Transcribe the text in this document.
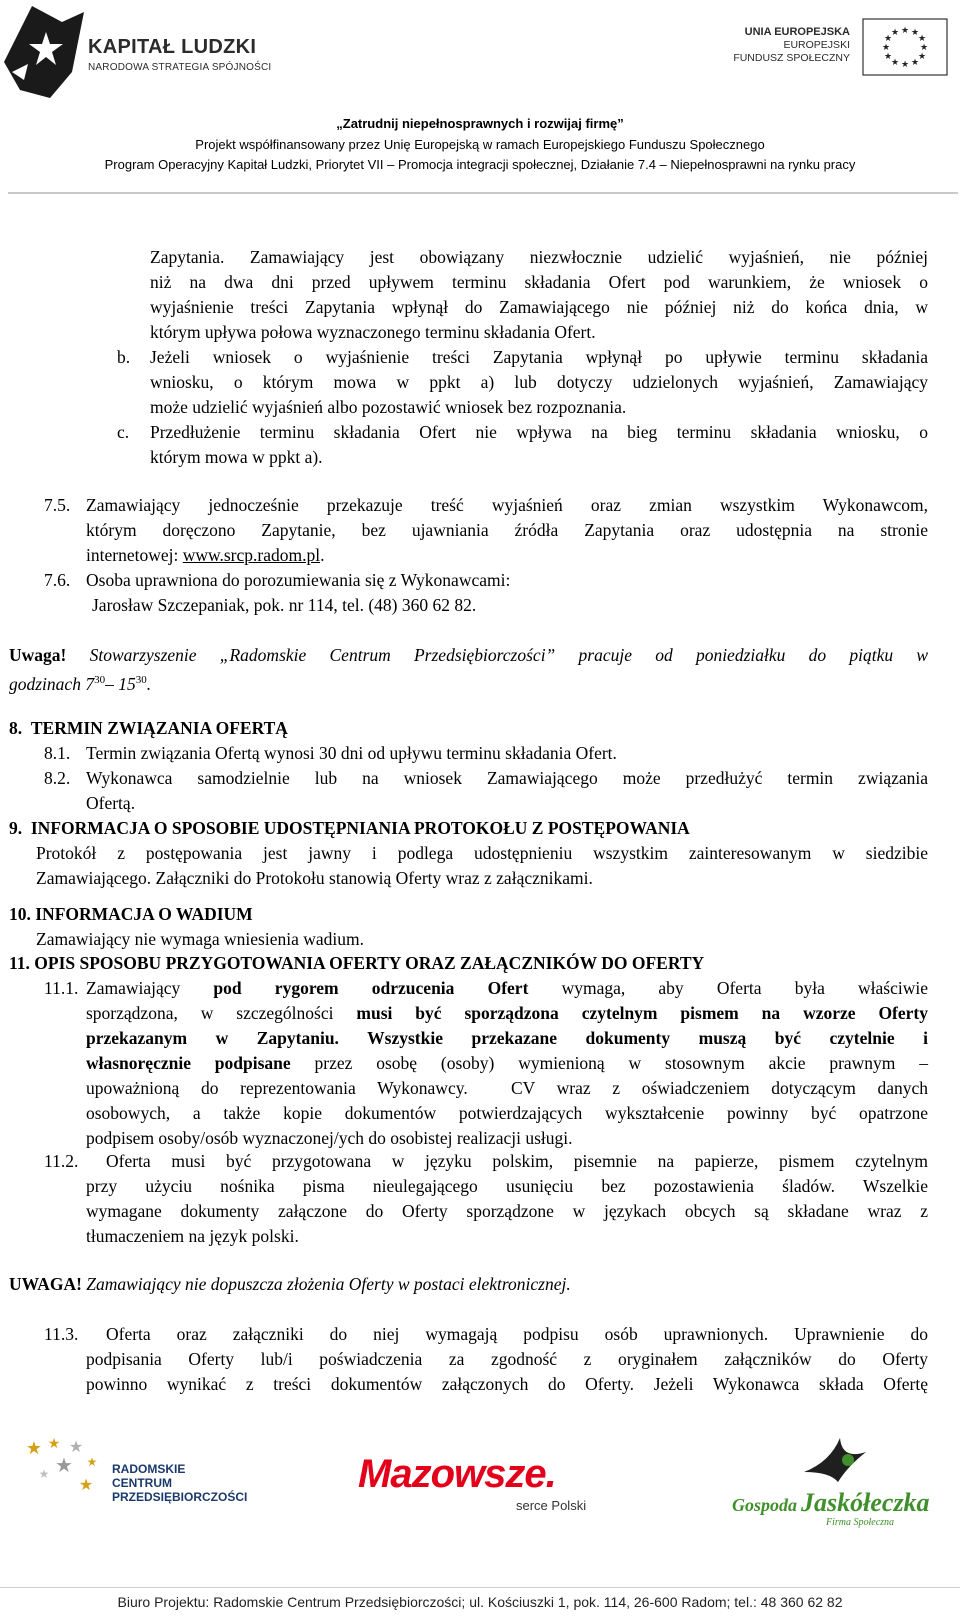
KAPITAŁ LUDZKI
NARODOWA STRATEGIA SPÓJNOŚCI
UNIA EUROPEJSKA
EUROPEJSKI
FUNDUSZ SPOŁECZNY
★ ★
★
★
★
★
★
★
★
★
★
★
„Zatrudnij niepełnosprawnych i rozwijaj firmę”
Projekt współfinansowany przez Unię Europejską w ramach Europejskiego Funduszu Społecznego
Program Operacyjny Kapitał Ludzki, Priorytet VII – Promocja integracji społecznej, Działanie 7.4 – Niepełnosprawni na rynku pracy
Zapytania. Zamawiający jest obowiązany niezwłocznie udzielić wyjaśnień, nie później
niż na dwa dni przed upływem terminu składania Ofert pod warunkiem, że wniosek o
wyjaśnienie treści Zapytania wpłynął do Zamawiającego nie później niż do końca dnia, w
którym upływa połowa wyznaczonego terminu składania Ofert.
b. Jeżeli wniosek o wyjaśnienie treści Zapytania wpłynął po upływie terminu składania
wniosku, o którym mowa w ppkt a) lub dotyczy udzielonych wyjaśnień, Zamawiający
może udzielić wyjaśnień albo pozostawić wniosek bez rozpoznania.
c. Przedłużenie terminu składania Ofert nie wpływa na bieg terminu składania wniosku, o
którym mowa w ppkt a).
7.5. Zamawiający jednocześnie przekazuje treść wyjaśnień oraz zmian wszystkim Wykonawcom,
którym doręczono Zapytanie, bez ujawniania źródła Zapytania oraz udostępnia na stronie
internetowej: www.srcp.radom.pl.
7.6. Osoba uprawniona do porozumiewania się z Wykonawcami:
Jarosław Szczepaniak, pok. nr 114, tel. (48) 360 62 82.
Uwaga! Stowarzyszenie „Radomskie Centrum Przedsiębiorczości” pracuje od poniedziałku do piątku w
godzinach $7^{30}-$ $15^{30}$.
8.  TERMIN ZWIĄZANIA OFERTĄ
8.1. Termin związania Ofertą wynosi 30 dni od upływu terminu składania Ofert.
8.2. Wykonawca samodzielnie lub na wniosek Zamawiającego może przedłużyć termin związania
Ofertą.
9.  INFORMACJA O SPOSOBIE UDOSTĘPNIANIA PROTOKOŁU Z POSTĘPOWANIA
Protokół z postępowania jest jawny i podlega udostępnieniu wszystkim zainteresowanym w siedzibie
Zamawiającego. Załączniki do Protokołu stanowią Oferty wraz z załącznikami.
10. INFORMACJA O WADIUM
Zamawiający nie wymaga wniesienia wadium.
11. OPIS SPOSOBU PRZYGOTOWANIA OFERTY ORAZ ZAŁĄCZNIKÓW DO OFERTY
11.1. Zamawiający pod rygorem odrzucenia Ofert wymaga, aby Oferta była właściwie
sporządzona, w szczególności musi być sporządzona czytelnym pismem na wzorze Oferty
przekazanym w Zapytaniu. Wszystkie przekazane dokumenty muszą być czytelnie i
własnoręcznie podpisane przez osobę (osoby) wymienioną w stosownym akcie prawnym –
upoważnioną do reprezentowania Wykonawcy.  CV wraz z oświadczeniem dotyczącym danych
osobowych, a także kopie dokumentów potwierdzających wykształcenie powinny być opatrzone
podpisem osoby/osób wyznaczonej/ych do osobistej realizacji usługi.
11.2.	Oferta musi być przygotowana w języku polskim, pisemnie na papierze, pismem czytelnym
przy użyciu nośnika pisma nieulegającego usunięciu bez pozostawienia śladów. Wszelkie
wymagane dokumenty załączone do Oferty sporządzone w językach obcych są składane wraz z
tłumaczeniem na język polski.
UWAGA! Zamawiający nie dopuszcza złożenia Oferty w postaci elektronicznej.
11.3.	Oferta oraz załączniki do niej wymagają podpisu osób uprawnionych. Uprawnienie do
podpisania Oferty lub/i poświadczenia za zgodność z oryginałem załączników do Oferty
powinno wynikać z treści dokumentów załączonych do Oferty. Jeżeli Wykonawca składa Ofertę
★ ★ ★
★
★
★
★	RADOMSKIE
CENTRUM
PRZEDSIĘBIORCZOŚCI
Mazowsze.
serce Polski	Gospoda Jaskółeczka
Firma Społeczna
Biuro Projektu: Radomskie Centrum Przedsiębiorczości; ul. Kościuszki 1, pok. 114, 26-600 Radom; tel.: 48 360 62 82
